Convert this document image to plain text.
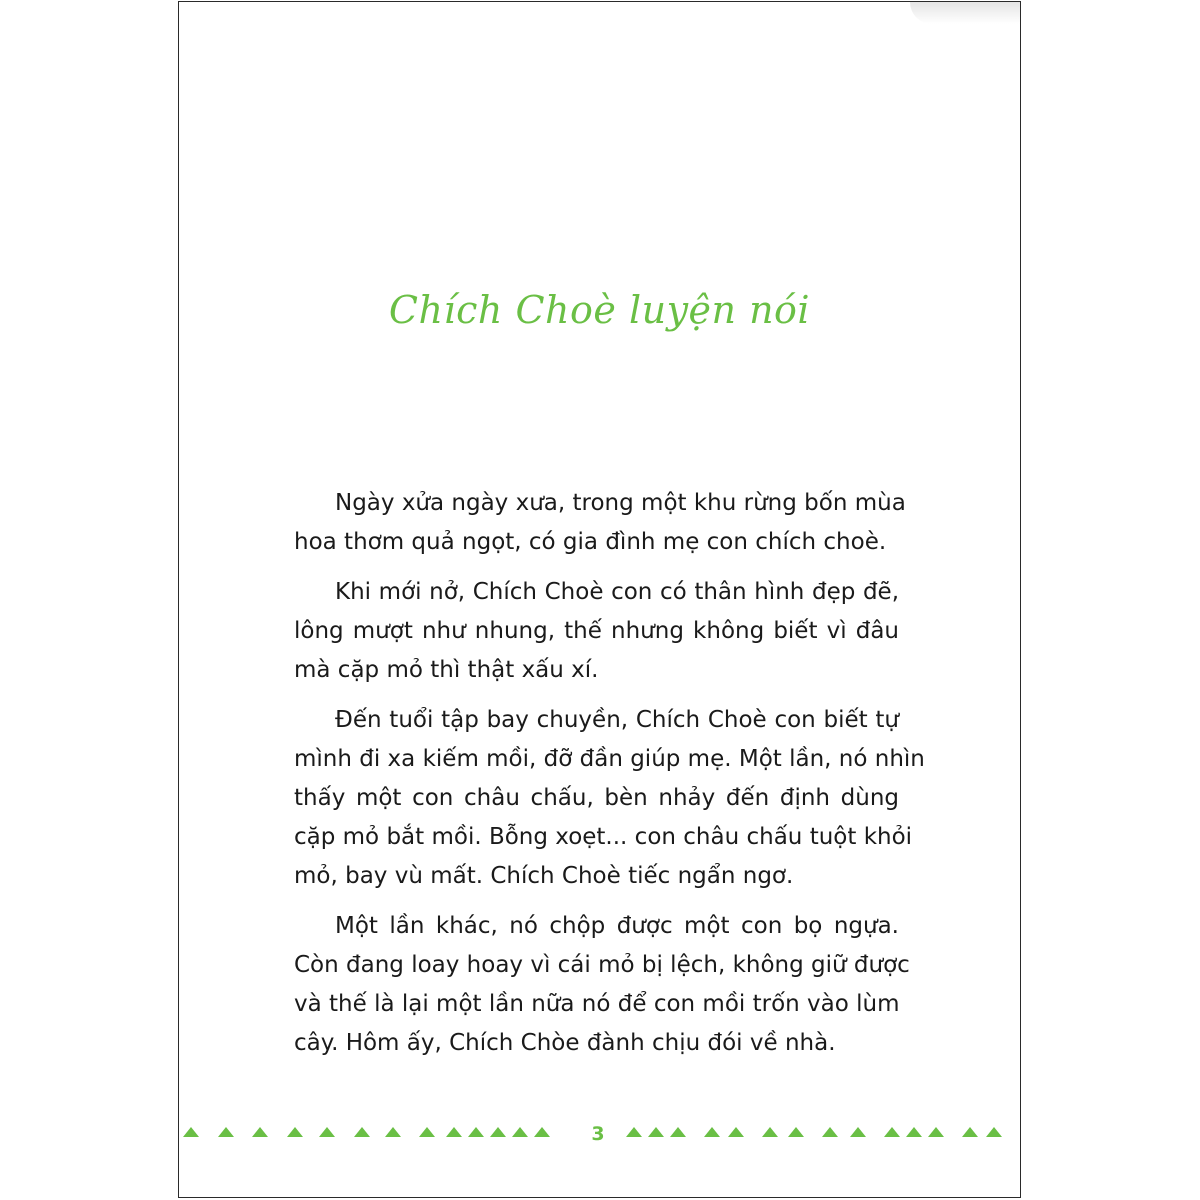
Chích Choè luyện nói

Ngày xửa ngày xưa, trong một khu rừng bốn mùa
hoa thơm quả ngọt, có gia đình mẹ con chích choè.

Khi mới nở, Chích Choè con có thân hình đẹp đẽ,
lông mượt như nhung, thế nhưng không biết vì đâu
mà cặp mỏ thì thật xấu xí.

Đến tuổi tập bay chuyền, Chích Choè con biết tự
mình đi xa kiếm mồi, đỡ đần giúp mẹ. Một lần, nó nhìn
thấy một con châu chấu, bèn nhảy đến định dùng
cặp mỏ bắt mồi. Bỗng xoẹt... con châu chấu tuột khỏi
mỏ, bay vù mất. Chích Choè tiếc ngẩn ngơ.

Một lần khác, nó chộp được một con bọ ngựa.
Còn đang loay hoay vì cái mỏ bị lệch, không giữ được
và thế là lại một lần nữa nó để con mồi trốn vào lùm
cây. Hôm ấy, Chích Chòe đành chịu đói về nhà.

3
